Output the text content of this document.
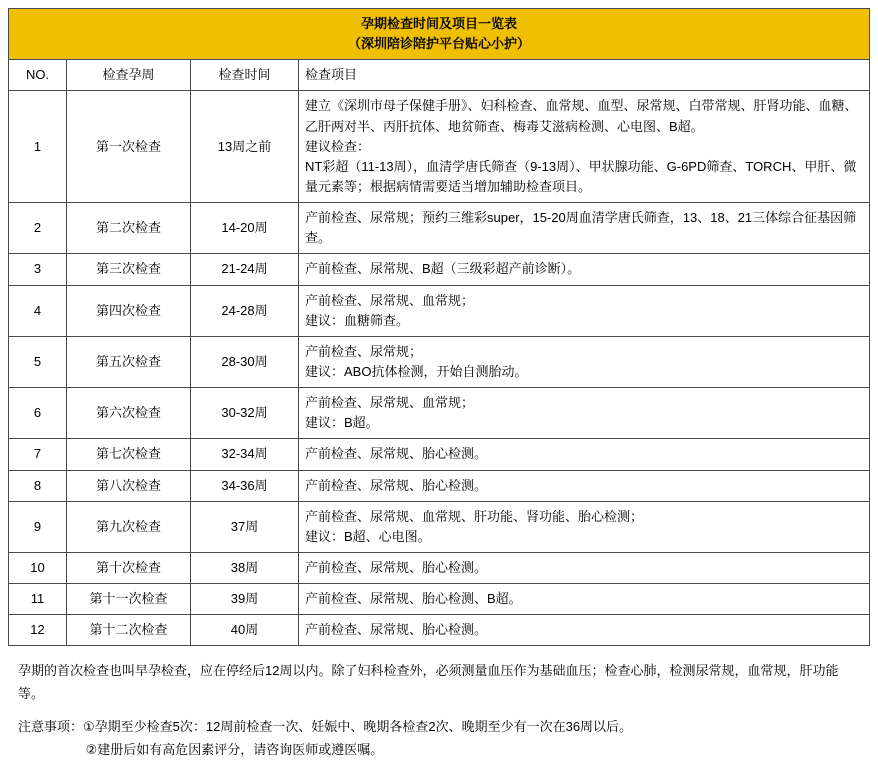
孕期检查时间及项目一览表
（深圳陪诊陪护平台贴心小护）			

NO.	检查孕周	检查时间	检查项目
1	第一次检查	13周之前	建立《深圳市母子保健手册》、妇科检查、血常规、血型、尿常规、白带常规、肝肾功能、血糖、乙肝两对半、丙肝抗体、地贫筛查、梅毒艾滋病检测、心电图、B超。
建议检查：
NT彩超（11-13周），血清学唐氏筛查（9-13周）、甲状腺功能、G-6PD筛查、TORCH、甲肝、微量元素等；根据病情需要适当增加辅助检查项目。
2	第二次检查	14-20周	产前检查、尿常规；预约三维彩super，15-20周血清学唐氏筛查，13、18、21三体综合征基因筛查。
3	第三次检查	21-24周	产前检查、尿常规、B超（三级彩超产前诊断）。
4	第四次检查	24-28周	产前检查、尿常规、血常规；
建议：血糖筛查。
5	第五次检查	28-30周	产前检查、尿常规；
建议：ABO抗体检测，开始自测胎动。
6	第六次检查	30-32周	产前检查、尿常规、血常规；
建议：B超。
7	第七次检查	32-34周	产前检查、尿常规、胎心检测。
8	第八次检查	34-36周	产前检查、尿常规、胎心检测。
9	第九次检查	37周	产前检查、尿常规、血常规、肝功能、肾功能、胎心检测；
建议：B超、心电图。
10	第十次检查	38周	产前检查、尿常规、胎心检测。
11	第十一次检查	39周	产前检查、尿常规、胎心检测、B超。
12	第十二次检查	40周	产前检查、尿常规、胎心检测。

孕期的首次检查也叫早孕检查，应在停经后12周以内。除了妇科检查外，必须测量血压作为基础血压；检查心肺，检测尿常规，血常规，肝功能等。

注意事项：①孕期至少检查5次：12周前检查一次、妊娠中、晚期各检查2次、晚期至少有一次在36周以后。
②建册后如有高危因素评分，请咨询医师或遵医嘱。
